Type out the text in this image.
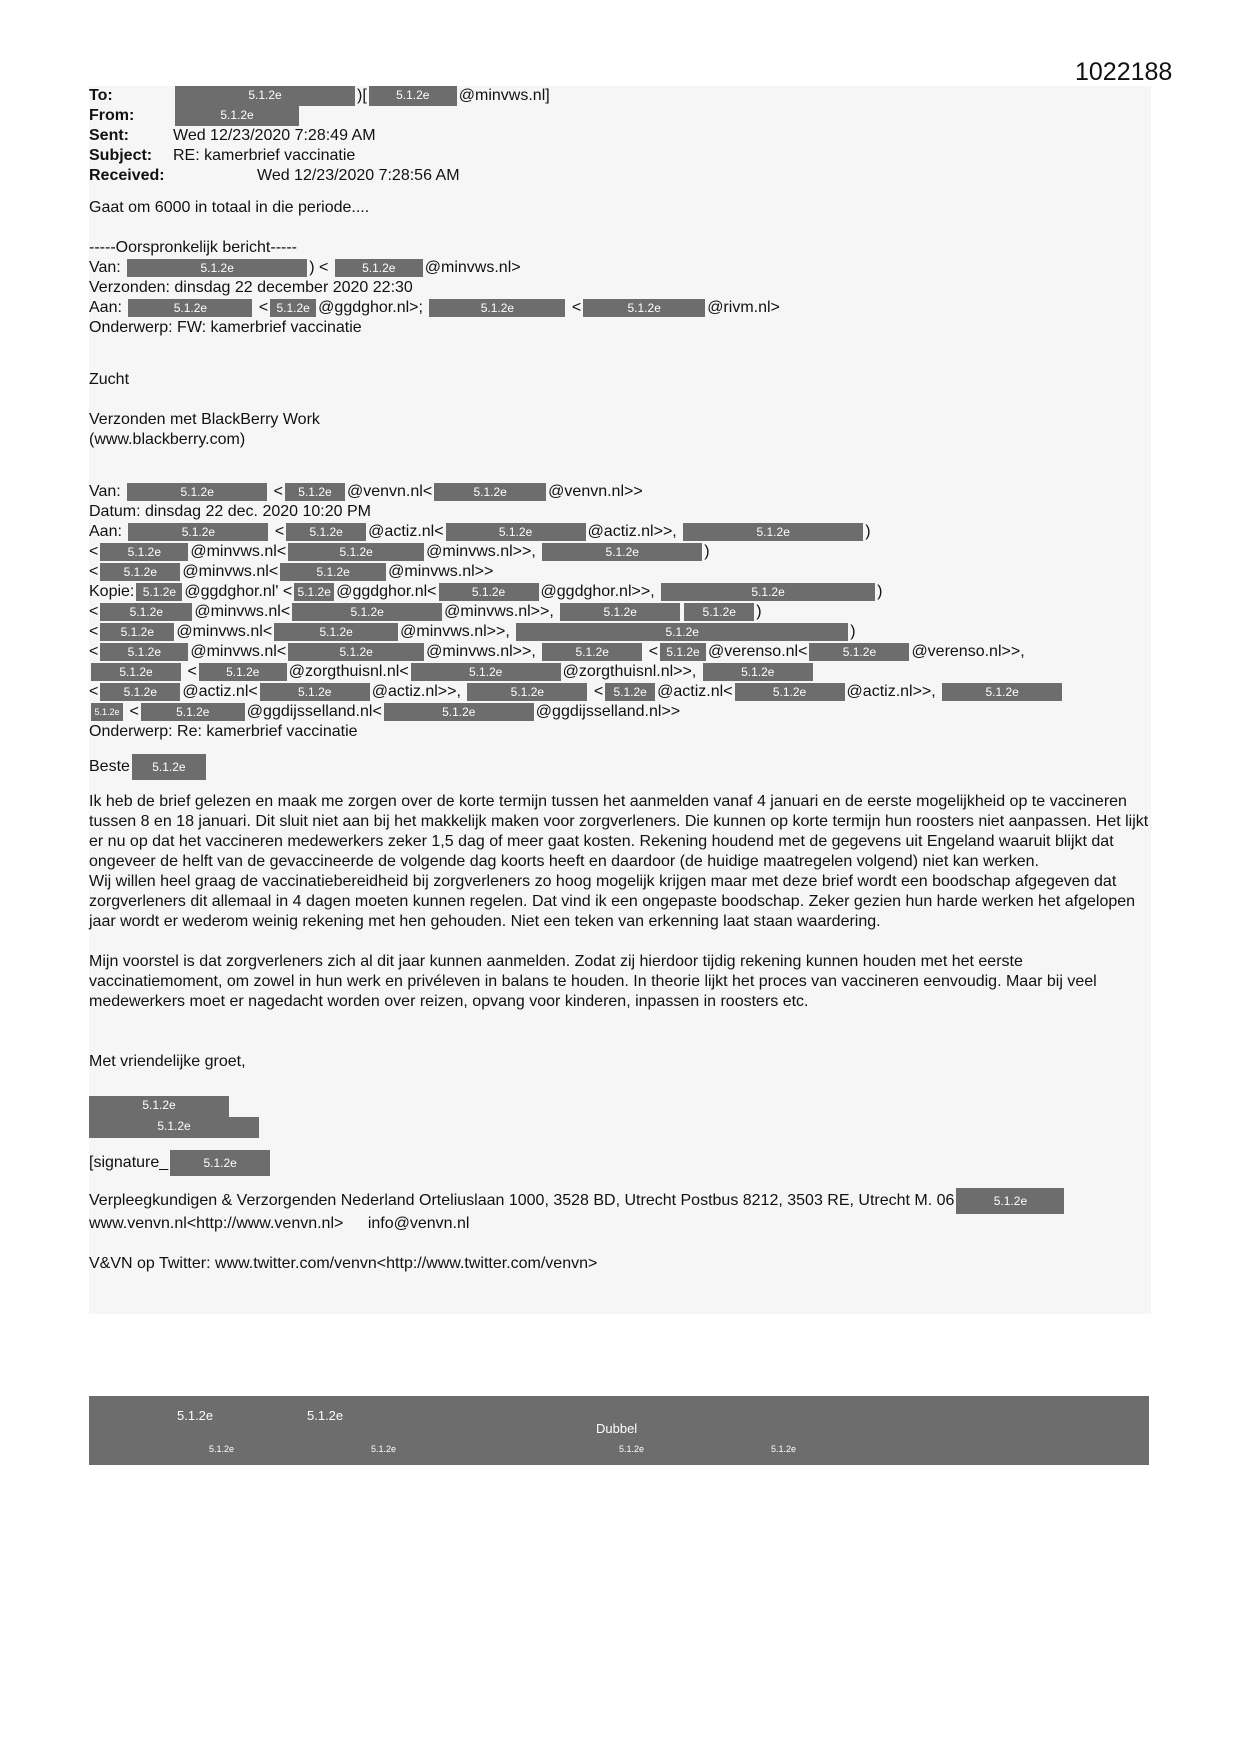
1022188
To:	5.1.2e	)[	5.1.2e	@minvws.nl]
From:	5.1.2e
Sent:	Wed 12/23/2020 7:28:49 AM
Subject:	RE: kamerbrief vaccinatie
Received:	Wed 12/23/2020 7:28:56 AM
Gaat om 6000 in totaal in die periode....
-----Oorspronkelijk bericht-----
Van:	5.1.2e	) <	5.1.2e @minvws.nl>
Verzonden: dinsdag 22 december 2020 22:30
Aan:	5.1.2e	< 5.1.2e @ggdghor.nl>;	5.1.2e	<	5.1.2e	@rivm.nl>
Onderwerp: FW: kamerbrief vaccinatie
Zucht
Verzonden met BlackBerry Work
(www.blackberry.com)
Van:	5.1.2e	< 5.1.2e @venvn.nl<	5.1.2e	@venvn.nl>>
Datum: dinsdag 22 dec. 2020 10:20 PM
Aan:	5.1.2e	< 5.1.2e @actiz.nl<	5.1.2e	@actiz.nl>>,	5.1.2e	)
< 5.1.2e @minvws.nl<	5.1.2e	@minvws.nl>>,	5.1.2e	)
< 5.1.2e @minvws.nl<	5.1.2e @minvws.nl>>
Kopie: 5.1.2e @ggdghor.nl' < 5.1.2e @ggdghor.nl<	5.1.2e @ggdghor.nl>>,	5.1.2e	)
<	5.1.2e @minvws.nl<	5.1.2e	@minvws.nl>>,	5.1.2e	5.1.2e )
< 5.1.2e @minvws.nl<	5.1.2e	@minvws.nl>>,	5.1.2e	)
< 5.1.2e @minvws.nl<	5.1.2e	@minvws.nl>>,	5.1.2e < 5.1.2e @verenso.nl<	5.1.2e @verenso.nl>>,
5.1.2e < 5.1.2e @zorgthuisnl.nl<	5.1.2e	@zorgthuisnl.nl>>,	5.1.2e
< 5.1.2e @actiz.nl<	5.1.2e	@actiz.nl>>,	5.1.2e	< 5.1.2e @actiz.nl<	5.1.2e	@actiz.nl>>,	5.1.2e
5.1.2e <	5.1.2e @ggdijsselland.nl<	5.1.2e	@ggdijsselland.nl>>
Onderwerp: Re: kamerbrief vaccinatie
Beste 5.1.2e
Ik heb de brief gelezen en maak me zorgen over de korte termijn tussen het aanmelden vanaf 4 januari en de eerste mogelijkheid op te vaccineren tussen 8 en 18 januari. Dit sluit niet aan bij het makkelijk maken voor zorgverleners. Die kunnen op korte termijn hun roosters niet aanpassen. Het lijkt er nu op dat het vaccineren medewerkers zeker 1,5 dag of meer gaat kosten. Rekening houdend met de gegevens uit Engeland waaruit blijkt dat ongeveer de helft van de gevaccineerde de volgende dag koorts heeft en daardoor (de huidige maatregelen volgend) niet kan werken.
Wij willen heel graag de vaccinatiebereidheid bij zorgverleners zo hoog mogelijk krijgen maar met deze brief wordt een boodschap afgegeven dat zorgverleners dit allemaal in 4 dagen moeten kunnen regelen. Dat vind ik een ongepaste boodschap. Zeker gezien hun harde werken het afgelopen jaar wordt er wederom weinig rekening met hen gehouden. Niet een teken van erkenning laat staan waardering.
Mijn voorstel is dat zorgverleners zich al dit jaar kunnen aanmelden. Zodat zij hierdoor tijdig rekening kunnen houden met het eerste vaccinatiemoment, om zowel in hun werk en privéleven in balans te houden. In theorie lijkt het proces van vaccineren eenvoudig. Maar bij veel medewerkers moet er nagedacht worden over reizen, opvang voor kinderen, inpassen in roosters etc.
Met vriendelijke groet,
5.1.2e
5.1.2e
[signature_	5.1.2e
Verpleegkundigen & Verzorgenden Nederland Orteliuslaan 1000, 3528 BD, Utrecht Postbus 8212, 3503 RE, Utrecht M. 06	5.1.2e
www.venvn.nl<http://www.venvn.nl> info@venvn.nl
V&VN op Twitter: www.twitter.com/venvn<http://www.twitter.com/venvn>
5.1.2e	5.1.2e
Dubbel
5.1.2e	5.1.2e	5.1.2e	5.1.2e
